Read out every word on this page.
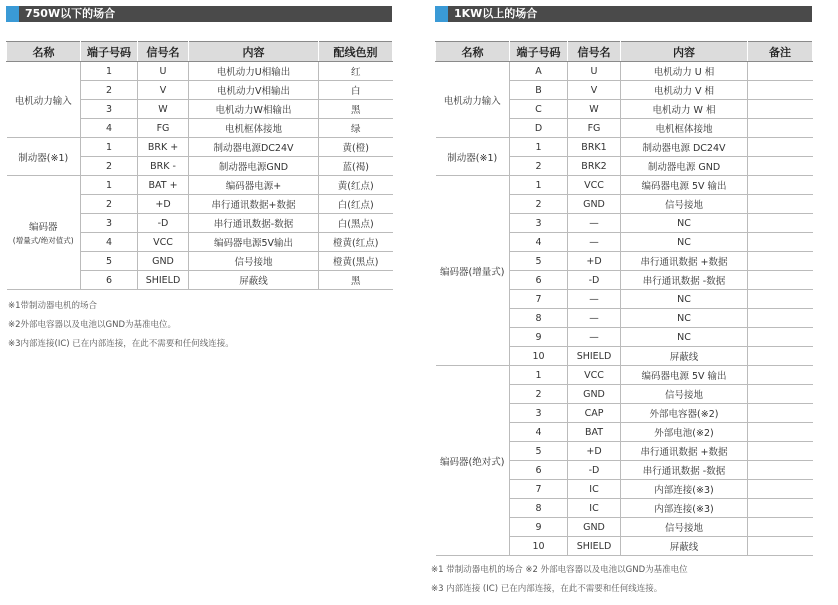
750W以下的场合
名称	端子号码	信号名	内容	配线色别
电机动力输入	1	U	电机动力U相输出	红
	2	V	电机动力V相输出	白
	3	W	电机动力W相输出	黑
	4	FG	电机框体接地	绿
制动器(※1)	1	BRK +	制动器电源DC24V	黄(橙)
	2	BRK -	制动器电源GND	蓝(褐)
编码器
(增量式/绝对值式)	1	BAT +	编码器电源+	黄(红点)
	2	+D	串行通讯数据+数据	白(红点)
	3	-D	串行通讯数据-数据	白(黑点)
	4	VCC	编码器电源5V输出	橙黄(红点)
	5	GND	信号接地	橙黄(黑点)
	6	SHIELD	屏蔽线	黑
※1带制动器电机的场合
※2外部电容器以及电池以GND为基准电位。
※3内部连接(IC) 已在内部连接，在此不需要和任何线连接。
1KW以上的场合
名称	端子号码	信号名	内容	备注
电机动力输入	A	U	电机动力 U 相	
	B	V	电机动力 V 相	
	C	W	电机动力 W 相	
	D	FG	电机框体接地	
制动器(※1)	1	BRK1	制动器电源 DC24V	
	2	BRK2	制动器电源 GND	
编码器(增量式)	1	VCC	编码器电源 5V 输出	
	2	GND	信号接地	
	3	—	NC	
	4	—	NC	
	5	+D	串行通讯数据 +数据	
	6	-D	串行通讯数据 -数据	
	7	—	NC	
	8	—	NC	
	9	—	NC	
	10	SHIELD	屏蔽线	
编码器(绝对式)	1	VCC	编码器电源 5V 输出	
	2	GND	信号接地	
	3	CAP	外部电容器(※2)	
	4	BAT	外部电池(※2)	
	5	+D	串行通讯数据 +数据	
	6	-D	串行通讯数据 -数据	
	7	IC	内部连接(※3)	
	8	IC	内部连接(※3)	
	9	GND	信号接地	
	10	SHIELD	屏蔽线	
※1 带制动器电机的场合 ※2 外部电容器以及电池以GND为基准电位
※3 内部连接 (IC) 已在内部连接，在此不需要和任何线连接。
